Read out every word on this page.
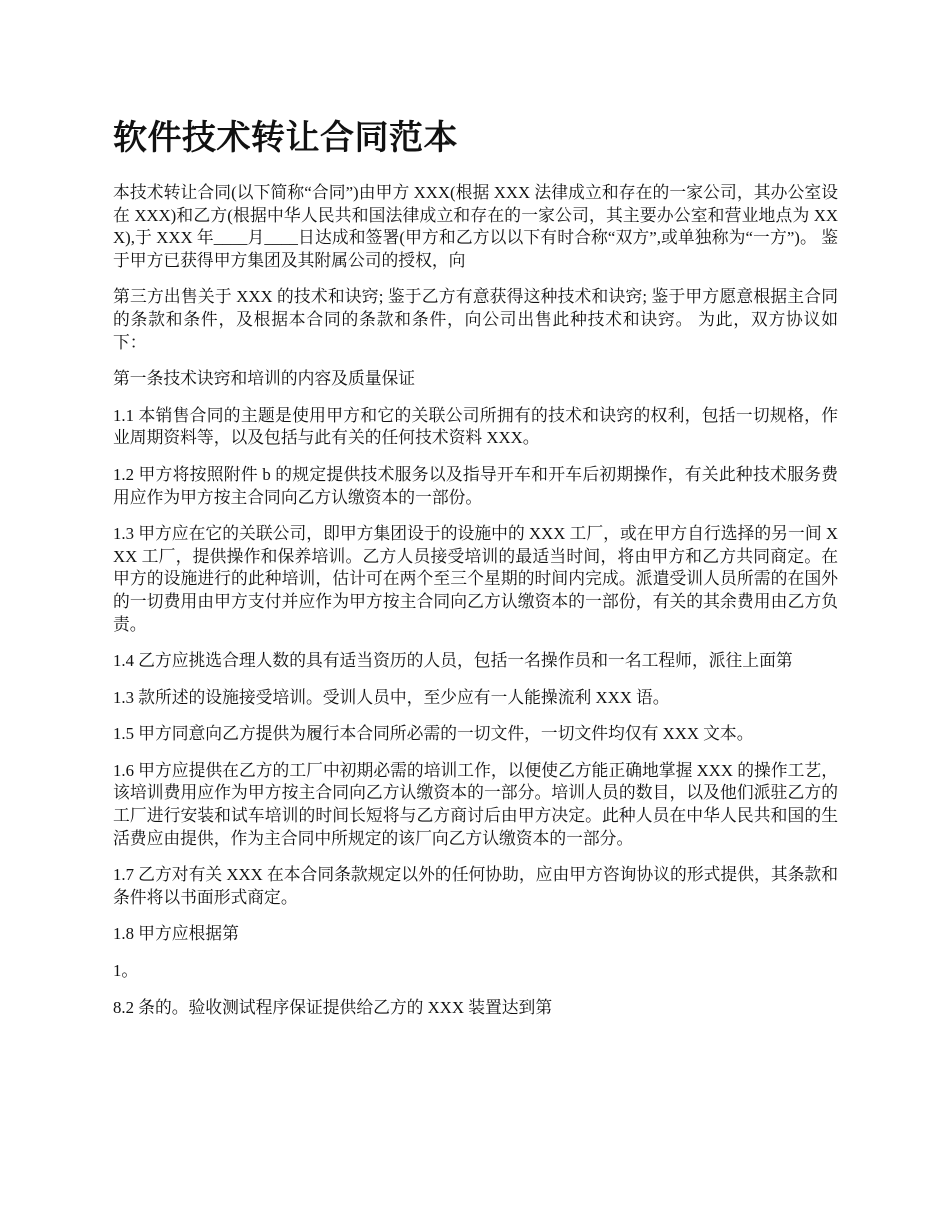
软件技术转让合同范本

本技术转让合同(以下简称“合同”)由甲方 XXX(根据 XXX 法律成立和存在的一家公司，其办公室设在 XXX)和乙方(根据中华人民共和国法律成立和存在的一家公司，其主要办公室和营业地点为 XXX),于 XXX 年____月____日达成和签署(甲方和乙方以以下有时合称“双方”,或单独称为“一方”)。 鉴于甲方已获得甲方集团及其附属公司的授权，向

第三方出售关于 XXX 的技术和诀窍; 鉴于乙方有意获得这种技术和诀窍; 鉴于甲方愿意根据主合同的条款和条件，及根据本合同的条款和条件，向公司出售此种技术和诀窍。 为此，双方协议如下：

第一条技术诀窍和培训的内容及质量保证

1.1 本销售合同的主题是使用甲方和它的关联公司所拥有的技术和诀窍的权利，包括一切规格，作业周期资料等，以及包括与此有关的任何技术资料 XXX。

1.2 甲方将按照附件 b 的规定提供技术服务以及指导开车和开车后初期操作，有关此种技术服务费用应作为甲方按主合同向乙方认缴资本的一部份。

1.3 甲方应在它的关联公司，即甲方集团设于的设施中的 XXX 工厂，或在甲方自行选择的另一间 XXX 工厂，提供操作和保养培训。乙方人员接受培训的最适当时间，将由甲方和乙方共同商定。在甲方的设施进行的此种培训，估计可在两个至三个星期的时间内完成。派遣受训人员所需的在国外的一切费用由甲方支付并应作为甲方按主合同向乙方认缴资本的一部份，有关的其余费用由乙方负责。

1.4 乙方应挑选合理人数的具有适当资历的人员，包括一名操作员和一名工程师，派往上面第

1.3 款所述的设施接受培训。受训人员中，至少应有一人能操流利 XXX 语。

1.5 甲方同意向乙方提供为履行本合同所必需的一切文件，一切文件均仅有 XXX 文本。

1.6 甲方应提供在乙方的工厂中初期必需的培训工作，以便使乙方能正确地掌握 XXX 的操作工艺，该培训费用应作为甲方按主合同向乙方认缴资本的一部分。培训人员的数目，以及他们派驻乙方的工厂进行安装和试车培训的时间长短将与乙方商讨后由甲方决定。此种人员在中华人民共和国的生活费应由提供，作为主合同中所规定的该厂向乙方认缴资本的一部分。

1.7 乙方对有关 XXX 在本合同条款规定以外的任何协助，应由甲方咨询协议的形式提供，其条款和条件将以书面形式商定。

1.8 甲方应根据第

1。

8.2 条的。验收测试程序保证提供给乙方的 XXX 装置达到第
